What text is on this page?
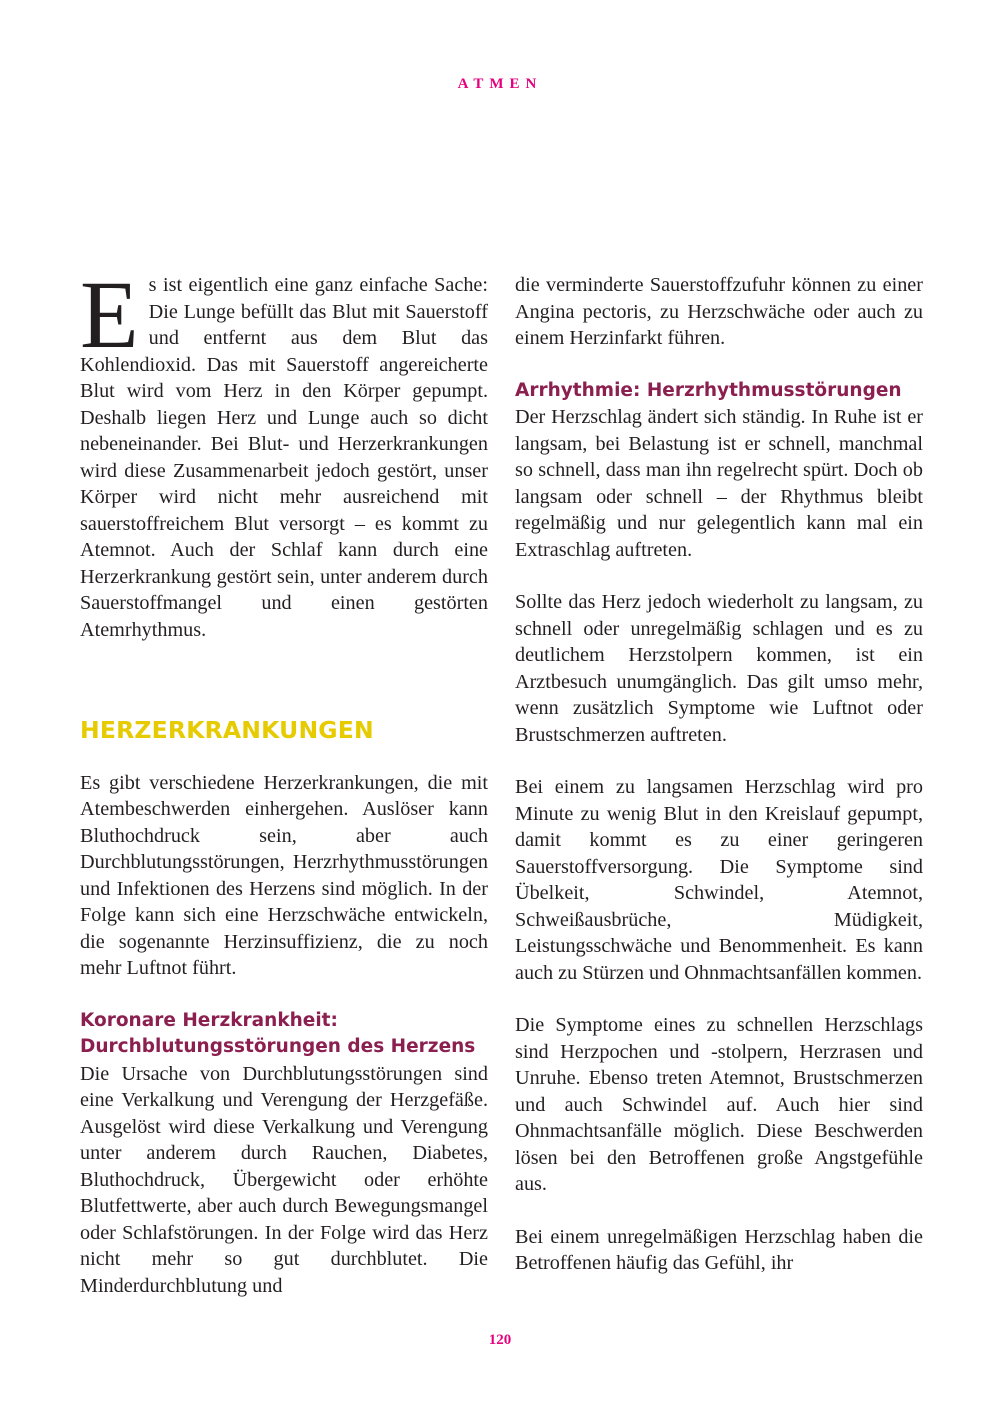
ATMEN

Es ist eigentlich eine ganz einfache Sache: Die Lunge befüllt das Blut mit Sauerstoff und entfernt aus dem Blut das Kohlendioxid. Das mit Sauerstoff angereicherte Blut wird vom Herz in den Körper gepumpt. Deshalb liegen Herz und Lunge auch so dicht nebeneinander. Bei Blut- und Herzerkrankungen wird diese Zusammenarbeit jedoch gestört, unser Körper wird nicht mehr ausreichend mit sauerstoffreichem Blut versorgt – es kommt zu Atemnot. Auch der Schlaf kann durch eine Herzerkrankung gestört sein, unter anderem durch Sauerstoffmangel und einen gestörten Atemrhythmus.

HERZERKRANKUNGEN

Es gibt verschiedene Herzerkrankungen, die mit Atembeschwerden einhergehen. Auslöser kann Bluthochdruck sein, aber auch Durchblutungsstörungen, Herzrhythmusstörungen und Infektionen des Herzens sind möglich. In der Folge kann sich eine Herzschwäche entwickeln, die sogenannte Herzinsuffizienz, die zu noch mehr Luftnot führt.

Koronare Herzkrankheit:
Durchblutungsstörungen des Herzens

Die Ursache von Durchblutungsstörungen sind eine Verkalkung und Verengung der Herzgefäße. Ausgelöst wird diese Verkalkung und Verengung unter anderem durch Rauchen, Diabetes, Bluthochdruck, Übergewicht oder erhöhte Blutfettwerte, aber auch durch Bewegungsmangel oder Schlafstörungen. In der Folge wird das Herz nicht mehr so gut durchblutet. Die Minderdurchblutung und

die verminderte Sauerstoffzufuhr können zu einer Angina pectoris, zu Herzschwäche oder auch zu einem Herzinfarkt führen.

Arrhythmie: Herzrhythmusstörungen

Der Herzschlag ändert sich ständig. In Ruhe ist er langsam, bei Belastung ist er schnell, manchmal so schnell, dass man ihn regelrecht spürt. Doch ob langsam oder schnell – der Rhythmus bleibt regelmäßig und nur gelegentlich kann mal ein Extraschlag auftreten.

Sollte das Herz jedoch wiederholt zu langsam, zu schnell oder unregelmäßig schlagen und es zu deutlichem Herzstolpern kommen, ist ein Arztbesuch unumgänglich. Das gilt umso mehr, wenn zusätzlich Symptome wie Luftnot oder Brustschmerzen auftreten.

Bei einem zu langsamen Herzschlag wird pro Minute zu wenig Blut in den Kreislauf gepumpt, damit kommt es zu einer geringeren Sauerstoffversorgung. Die Symptome sind Übelkeit, Schwindel, Atemnot, Schweißausbrüche, Müdigkeit, Leistungsschwäche und Benommenheit. Es kann auch zu Stürzen und Ohnmachtsanfällen kommen.

Die Symptome eines zu schnellen Herzschlags sind Herzpochen und -stolpern, Herzrasen und Unruhe. Ebenso treten Atemnot, Brustschmerzen und auch Schwindel auf. Auch hier sind Ohnmachtsanfälle möglich. Diese Beschwerden lösen bei den Betroffenen große Angstgefühle aus.

Bei einem unregelmäßigen Herzschlag haben die Betroffenen häufig das Gefühl, ihr

120
